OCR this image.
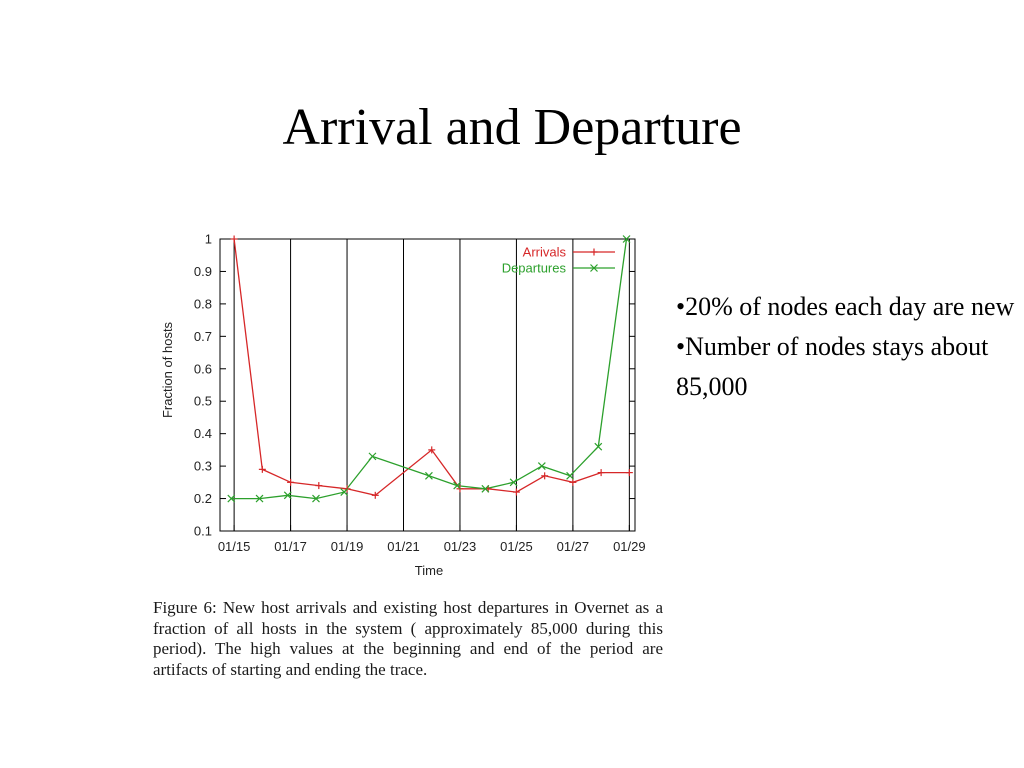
Arrival and Departure
0.1
0.2
0.3
0.4
0.5
0.6
0.7
0.8
0.9
1
01/15 01/17 01/19 01/21 01/23 01/25 01/27 01/29
Arrivals
Departures
Fraction of hosts
Time
Figure 6: New host arrivals and existing host departures in Overnet as a fraction of all hosts in the system ( approximately 85,000 during this period). The high values at the beginning and end of the period are artifacts of starting and ending the trace.
•20% of nodes each day are new
•Number of nodes stays about 85,000
